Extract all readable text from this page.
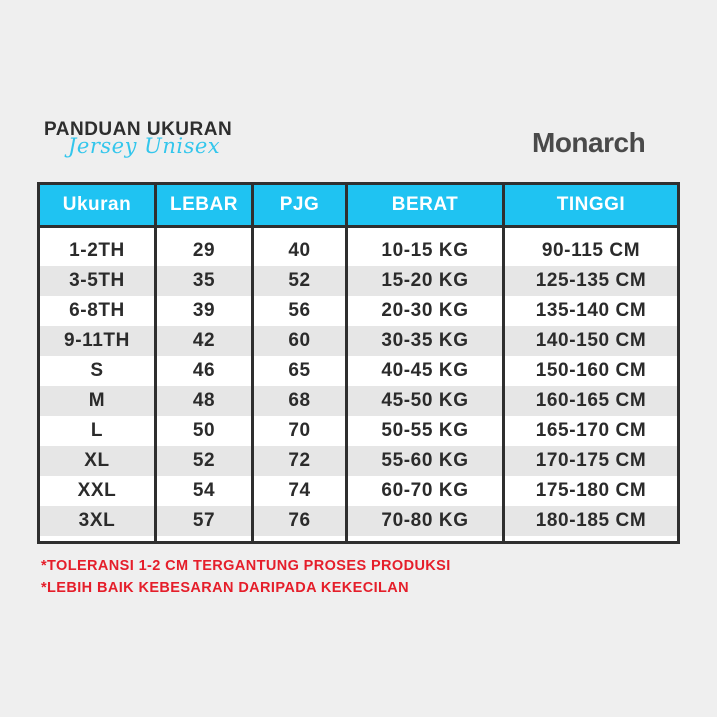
PANDUAN UKURAN
Jersey Unisex	Monarch
Ukuran	LEBAR	PJG	BERAT	TINGGI
1-2TH	29	40	10-15 KG	90-115 CM
3-5TH	35	52	15-20 KG	125-135 CM
6-8TH	39	56	20-30 KG	135-140 CM
9-11TH	42	60	30-35 KG	140-150 CM
S	46	65	40-45 KG	150-160 CM
M	48	68	45-50 KG	160-165 CM
L	50	70	50-55 KG	165-170 CM
XL	52	72	55-60 KG	170-175 CM
XXL	54	74	60-70 KG	175-180 CM
3XL	57	76	70-80 KG	180-185 CM
*TOLERANSI 1-2 CM TERGANTUNG PROSES PRODUKSI
*LEBIH BAIK KEBESARAN DARIPADA KEKECILAN
